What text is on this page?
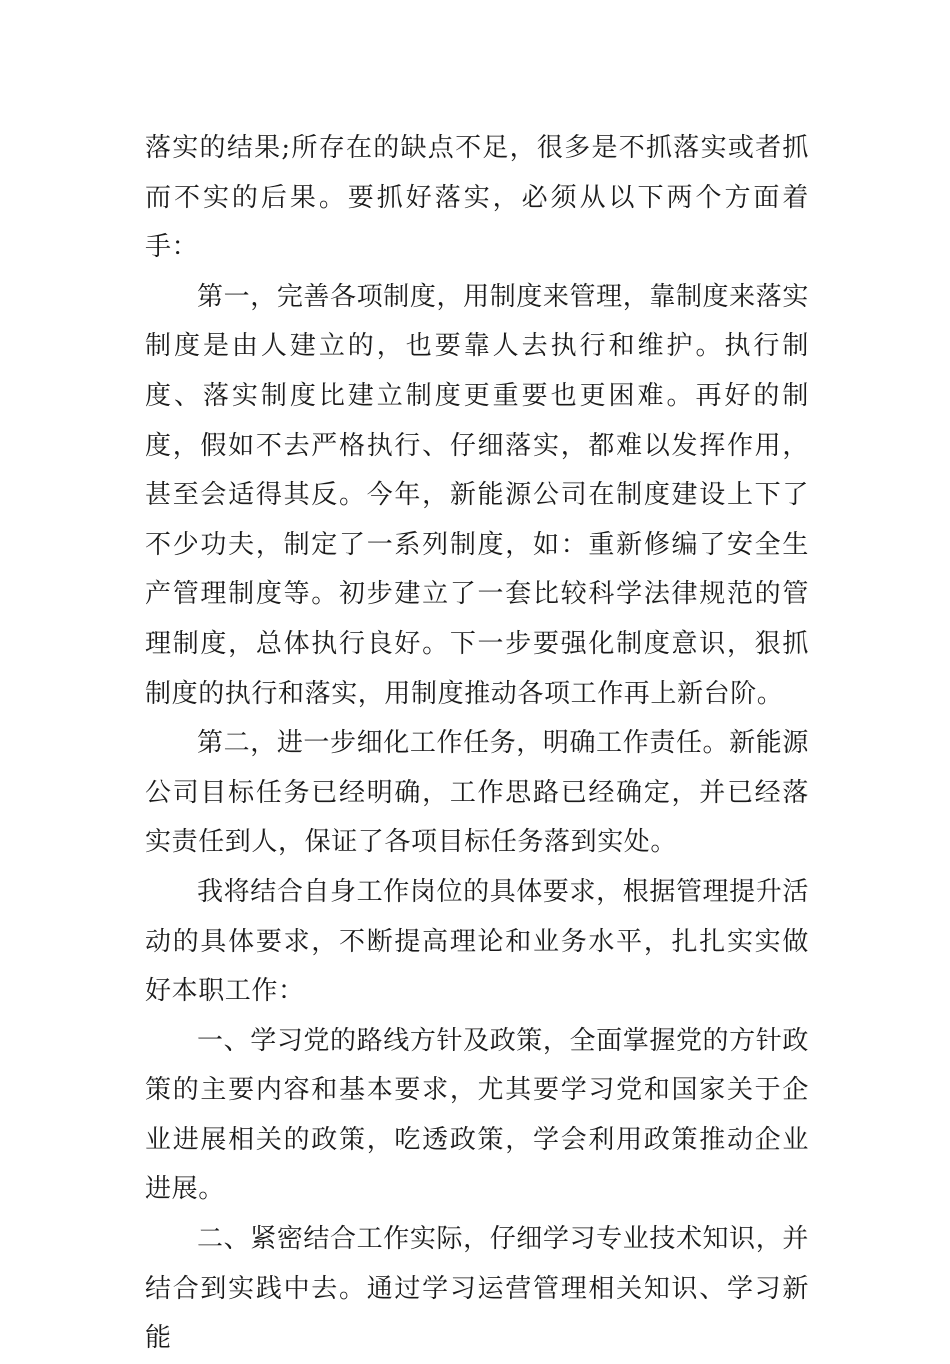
落实的结果;所存在的缺点不足，很多是不抓落实或者抓而不实的后果。要抓好落实，必须从以下两个方面着手：

第一，完善各项制度，用制度来管理，靠制度来落实制度是由人建立的，也要靠人去执行和维护。执行制度、落实制度比建立制度更重要也更困难。再好的制度，假如不去严格执行、仔细落实，都难以发挥作用，甚至会适得其反。今年，新能源公司在制度建设上下了不少功夫，制定了一系列制度，如：重新修编了安全生产管理制度等。初步建立了一套比较科学法律规范的管理制度，总体执行良好。下一步要强化制度意识，狠抓制度的执行和落实，用制度推动各项工作再上新台阶。

第二，进一步细化工作任务，明确工作责任。新能源公司目标任务已经明确，工作思路已经确定，并已经落实责任到人，保证了各项目标任务落到实处。

我将结合自身工作岗位的具体要求，根据管理提升活动的具体要求，不断提高理论和业务水平，扎扎实实做好本职工作：

一、学习党的路线方针及政策，全面掌握党的方针政策的主要内容和基本要求，尤其要学习党和国家关于企业进展相关的政策，吃透政策，学会利用政策推动企业进展。

二、紧密结合工作实际，仔细学习专业技术知识，并结合到实践中去。通过学习运营管理相关知识、学习新能
